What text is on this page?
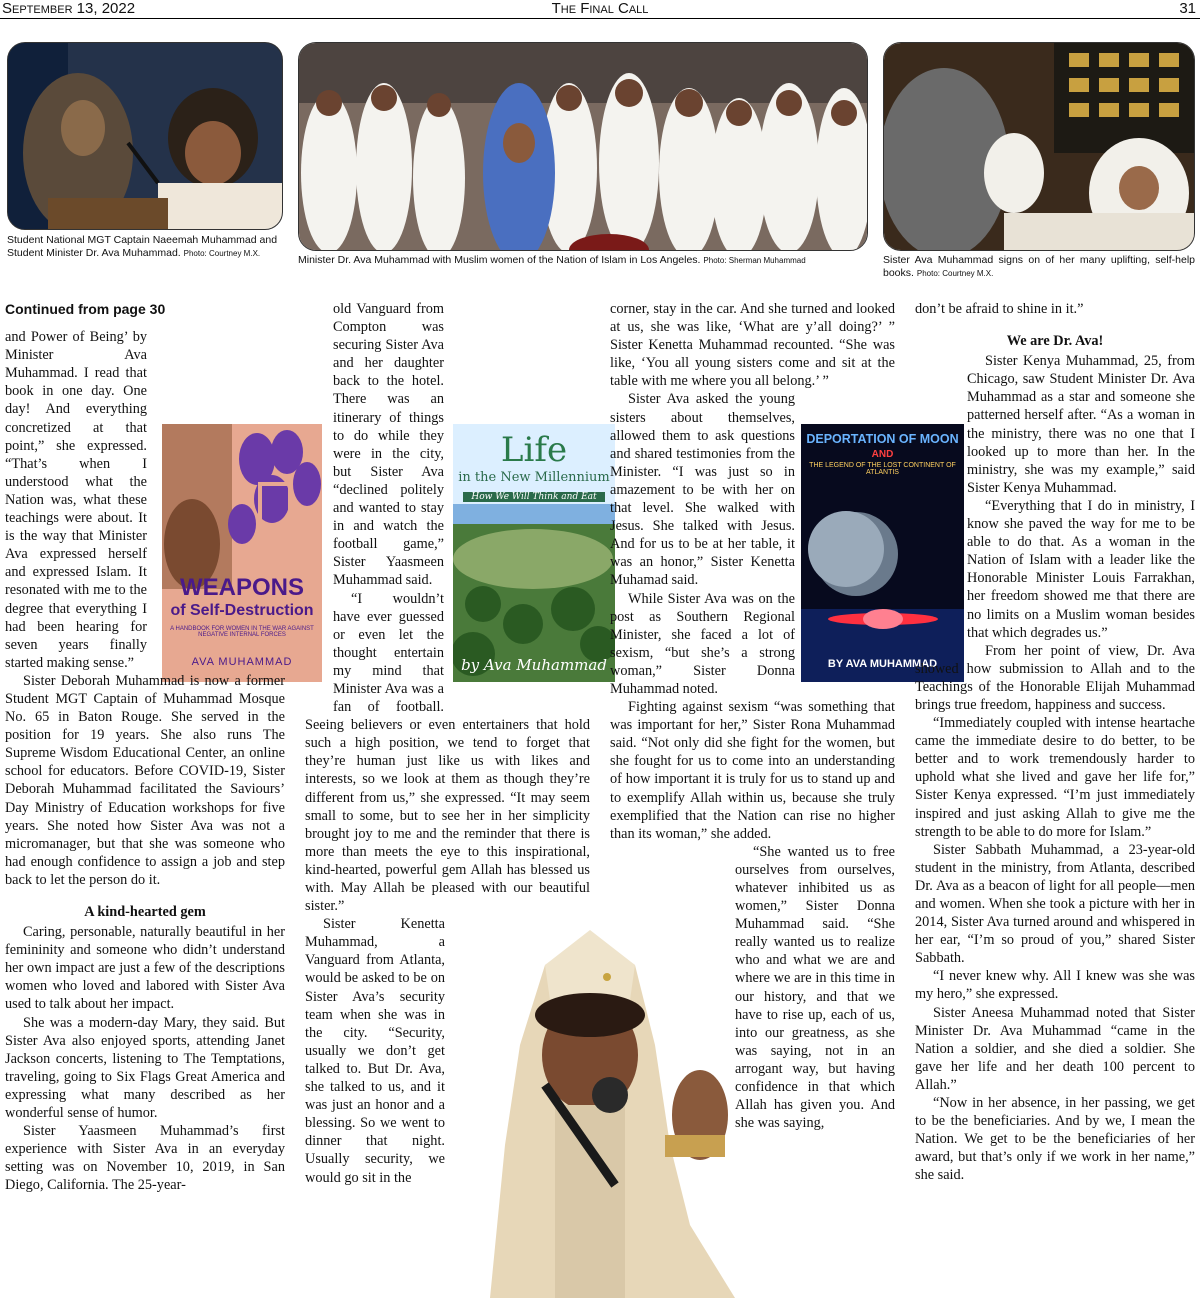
September 13, 2022	The Final Call	31
Student National MGT Captain Naeemah Muhammad and Student Minister Dr. Ava Muhammad. Photo: Courtney M.X.
Minister Dr. Ava Muhammad with Muslim women of the Nation of Islam in Los Angeles. Photo: Sherman Muhammad	Sister Ava Muhammad signs on of her many uplifting, self-help books. Photo: Courtney M.X.
WEAPONS
of Self-Destruction
A HANDBOOK FOR WOMEN IN THE WAR AGAINST NEGATIVE INTERNAL FORCES
AVA MUHAMMAD
Life
in the New Millennium
How We Will Think and Eat
by Ava Muhammad
DEPORTATION OF MOON
AND
THE LEGEND OF THE LOST CONTINENT OF ATLANTIS
BY AVA MUHAMMAD
Continued from page 30

and Power of Being’ by Minister Ava Muhammad. I read that book in one day. One day! And everything concretized at that point,” she expressed. “That’s when I understood what the Nation was, what these teachings were about. It is the way that Minister Ava expressed herself and expressed Islam. It resonated with me to the degree that everything I had been hearing for seven years finally started making sense.”

Sister Deborah Muhammad is now a former Student MGT Captain of Muhammad Mosque No. 65 in Baton Rouge. She served in the position for 19 years. She also runs The Supreme Wisdom Educational Center, an online school for educators. Before COVID-19, Sister Deborah Muhammad facilitated the Saviours’ Day Ministry of Education workshops for five years. She noted how Sister Ava was not a micromanager, but that she was someone who had enough confidence to assign a job and step back to let the person do it.

A kind-hearted gem

Caring, personable, naturally beautiful in her femininity and someone who didn’t understand her own impact are just a few of the descriptions women who loved and labored with Sister Ava used to talk about her impact.

She was a modern-day Mary, they said. But Sister Ava also enjoyed sports, attending Janet Jackson concerts, listening to The Temptations, traveling, going to Six Flags Great America and expressing what many described as her wonderful sense of humor.

Sister Yaasmeen Muhammad’s first experience with Sister Ava in an everyday setting was on November 10, 2019, in San Diego, California. The 25-year-

old Vanguard from Compton was securing Sister Ava and her daughter back to the hotel. There was an itinerary of things to do while they were in the city, but Sister Ava “declined politely and wanted to stay in and watch the football game,” Sister Yaasmeen Muhammad said.

“I wouldn’t have ever guessed or even let the thought entertain my mind that Minister Ava was a fan of football. Seeing believers or even entertainers that hold such a high position, we tend to forget that they’re human just like us with likes and interests, so we look at them as though they’re different from us,” she expressed. “It may seem small to some, but to see her in her simplicity brought joy to me and the reminder that there is more than meets the eye to this inspirational, kind-hearted, powerful gem Allah has blessed us with. May Allah be pleased with our beautiful sister.”

Sister Kenetta Muhammad, a Vanguard from Atlanta, would be asked to be on Sister Ava’s security team when she was in the city. “Security, usually we don’t get talked to. But Dr. Ava, she talked to us, and it was just an honor and a blessing. So we went to dinner that night. Usually security, we would go sit in the

corner, stay in the car. And she turned and looked at us, she was like, ‘What are y’all doing?’ ” Sister Kenetta Muhammad recounted. “She was like, ‘You all young sisters come and sit at the table with me where you all belong.’ ”

Sister Ava asked the young sisters about themselves, allowed them to ask questions and shared testimonies from the Minister. “I was just so in amazement to be with her on that level. She walked with Jesus. She talked with Jesus. And for us to be at her table, it was an honor,” Sister Kenetta Muhamad said.

While Sister Ava was on the post as Southern Regional Minister, she faced a lot of sexism, “but she’s a strong woman,” Sister Donna Muhammad noted.

Fighting against sexism “was something that was important for her,” Sister Rona Muhammad said. “Not only did she fight for the women, but she fought for us to come into an understanding of how important it is truly for us to stand up and to exemplify Allah within us, because she truly exemplified that the Nation can rise no higher than its woman,” she added.

“She wanted us to free ourselves from ourselves, whatever inhibited us as women,” Sister Donna Muhammad said. “She really wanted us to realize who and what we are and where we are in this time in our history, and that we have to rise up, each of us, into our greatness, as she was saying, not in an arrogant way, but having confidence in that which Allah has given you. And she was saying,

don’t be afraid to shine in it.”

We are Dr. Ava!

Sister Kenya Muhammad, 25, from Chicago, saw Student Minister Dr. Ava Muhammad as a star and someone she patterned herself after. “As a woman in the ministry, there was no one that I looked up to more than her. In the ministry, she was my example,” said Sister Kenya Muhammad.

“Everything that I do in ministry, I know she paved the way for me to be able to do that. As a woman in the Nation of Islam with a leader like the Honorable Minister Louis Farrakhan, her freedom showed me that there are no limits on a Muslim woman besides that which degrades us.”

From her point of view, Dr. Ava showed how submission to Allah and to the Teachings of the Honorable Elijah Muhammad brings true freedom, happiness and success.

“Immediately coupled with intense heartache came the immediate desire to do better, to be better and to work tremendously harder to uphold what she lived and gave her life for,” Sister Kenya expressed. “I’m just immediately inspired and just asking Allah to give me the strength to be able to do more for Islam.”

Sister Sabbath Muhammad, a 23-year-old student in the ministry, from Atlanta, described Dr. Ava as a beacon of light for all people—men and women. When she took a picture with her in 2014, Sister Ava turned around and whispered in her ear, “I’m so proud of you,” shared Sister Sabbath.

“I never knew why. All I knew was she was my hero,” she expressed.

Sister Aneesa Muhammad noted that Sister Minister Dr. Ava Muhammad “came in the Nation a soldier, and she died a soldier. She gave her life and her death 100 percent to Allah.”

“Now in her absence, in her passing, we get to be the beneficiaries. And by we, I mean the Nation. We get to be the beneficiaries of her award, but that’s only if we work in her name,” she said.
